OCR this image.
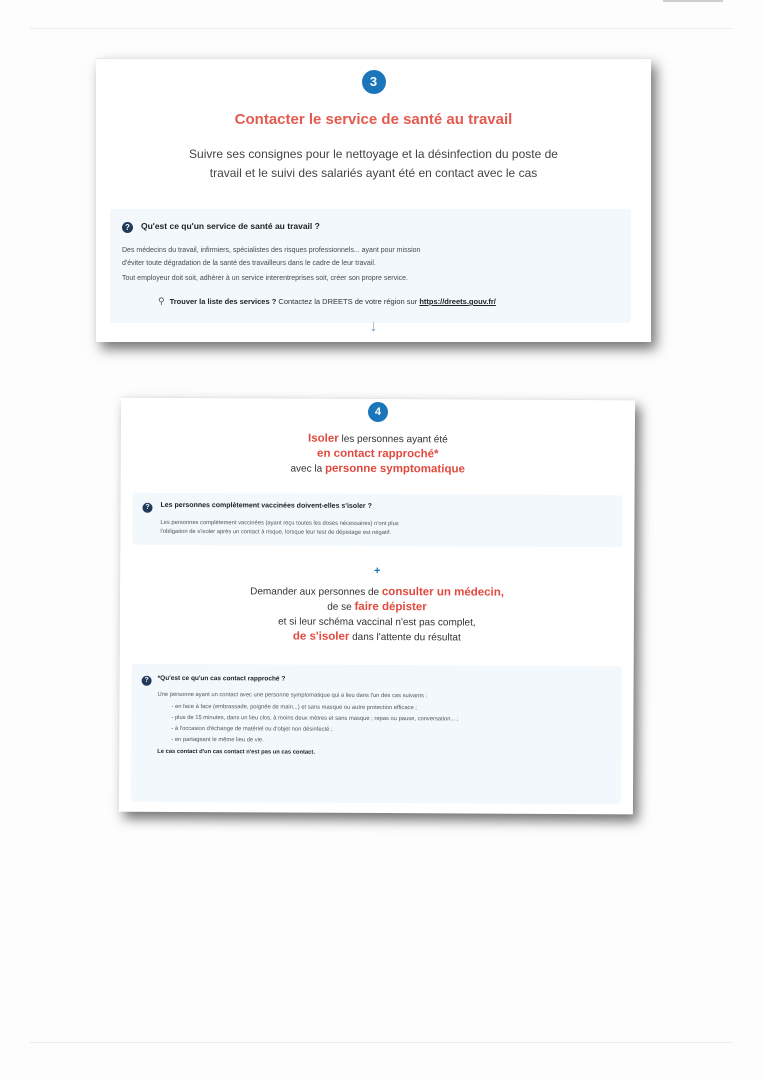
3
Contacter le service de santé au travail
Suivre ses consignes pour le nettoyage et la désinfection du poste de
travail et le suivi des salariés ayant été en contact avec le cas
?	Qu'est ce qu'un service de santé au travail ?

Des médecins du travail, infirmiers, spécialistes des risques professionnels... ayant pour mission

d'éviter toute dégradation de la santé des travailleurs dans le cadre de leur travail.

Tout employeur doit soit, adhérer à un service interentreprises soit, créer son propre service.

⚲ Trouver la liste des services ? Contactez la DREETS de votre région sur https://dreets.gouv.fr/
↓
4
Isoler les personnes ayant été
en contact rapproché*
avec la personne symptomatique
?	Les personnes complètement vaccinées doivent-elles s'isoler ?
Les personnes complètement vaccinées (ayant reçu toutes les doses nécessaires) n'ont plus
l'obligation de s'isoler après un contact à risque, lorsque leur test de dépistage est négatif.
+
Demander aux personnes de consulter un médecin,
de se faire dépister
et si leur schéma vaccinal n'est pas complet,
de s'isoler dans l'attente du résultat
?	*Qu'est ce qu'un cas contact rapproché ?
Une personne ayant un contact avec une personne symptomatique qui a lieu dans l'un des cas suivants :
- en face à face (embrassade, poignée de main...) et sans masque ou autre protection efficace ;
- plus de 15 minutes, dans un lieu clos, à moins deux mètres et sans masque ; repas ou pause, conversation... ;
- à l'occasion d'échange de matériel ou d'objet non désinfecté ;
- en partageant le même lieu de vie.
Le cas contact d'un cas contact n'est pas un cas contact.
